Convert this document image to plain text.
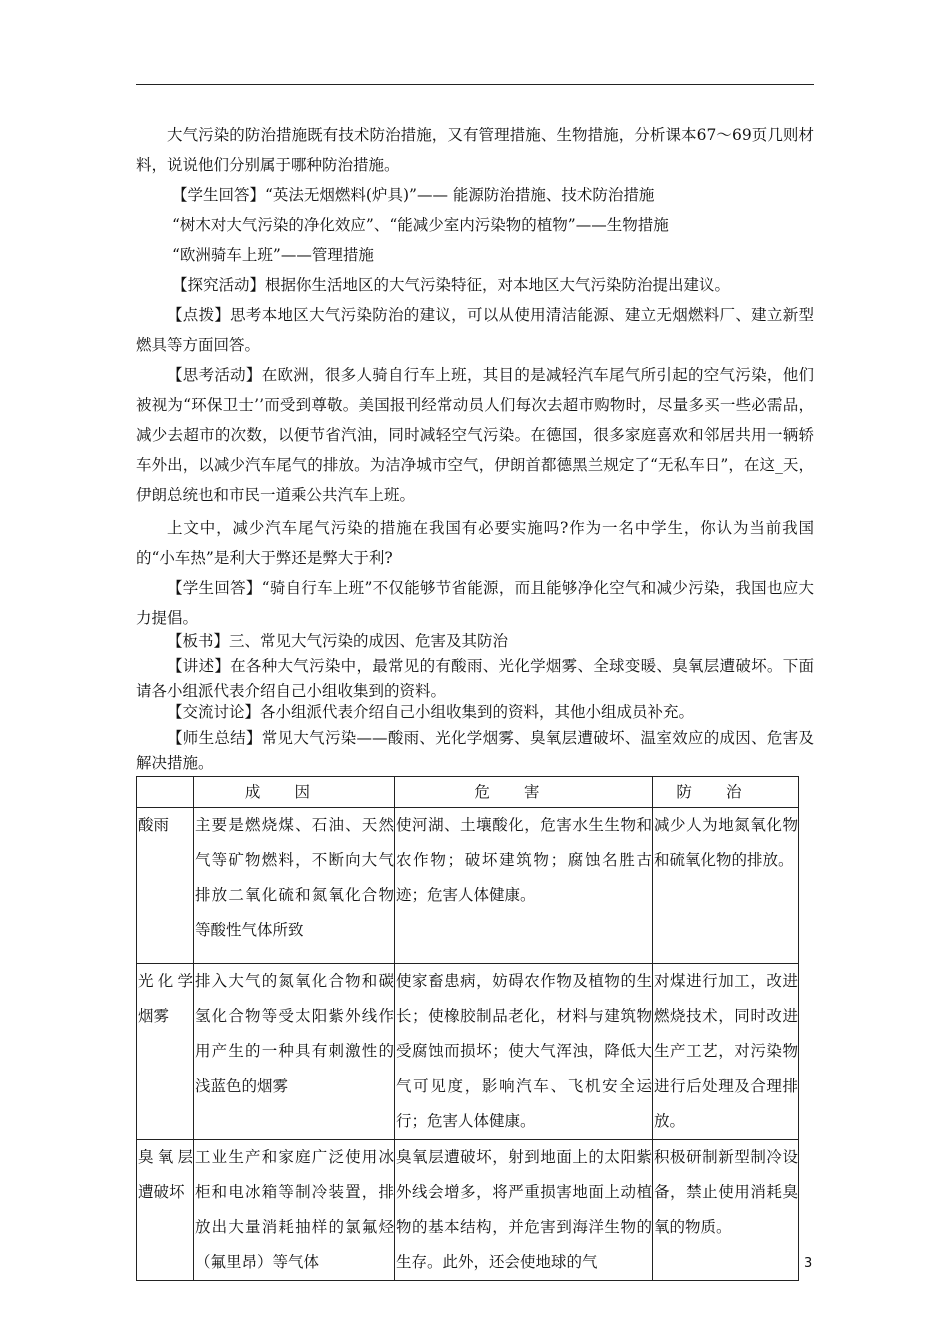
大气污染的防治措施既有技术防治措施，又有管理措施、生物措施，分析课本67～69页几则材料，说说他们分别属于哪种防治措施。

【学生回答】“英法无烟燃料(炉具)”—— 能源防治措施、技术防治措施

“树木对大气污染的净化效应”、“能减少室内污染物的植物”——生物措施

“欧洲骑车上班”——管理措施

【探究活动】根据你生活地区的大气污染特征，对本地区大气污染防治提出建议。

【点拨】思考本地区大气污染防治的建议，可以从使用清洁能源、建立无烟燃料厂、建立新型燃具等方面回答。

【思考活动】在欧洲，很多人骑自行车上班，其目的是减轻汽车尾气所引起的空气污染，他们被视为“环保卫士’’而受到尊敬。美国报刊经常动员人们每次去超市购物时，尽量多买一些必需品，减少去超市的次数，以便节省汽油，同时减轻空气污染。在德国，很多家庭喜欢和邻居共用一辆轿车外出，以减少汽车尾气的排放。为洁净城市空气，伊朗首都德黑兰规定了“无私车日”，在这_天，伊朗总统也和市民一道乘公共汽车上班。

上文中，减少汽车尾气污染的措施在我国有必要实施吗?作为一名中学生，你认为当前我国的“小车热”是利大于弊还是弊大于利?

【学生回答】“骑自行车上班”不仅能够节省能源，而且能够净化空气和减少污染，我国也应大力提倡。

【板书】三、常见大气污染的成因、危害及其防治

【讲述】在各种大气污染中，最常见的有酸雨、光化学烟雾、全球变暖、臭氧层遭破坏。下面请各小组派代表介绍自己小组收集到的资料。

【交流讨论】各小组派代表介绍自己小组收集到的资料，其他小组成员补充。

【师生总结】常见大气污染——酸雨、光化学烟雾、臭氧层遭破坏、温室效应的成因、危害及解决措施。

	成因	危害	防治
酸雨	主要是燃烧煤、石油、天然气等矿物燃料，不断向大气排放二氧化硫和氮氧化合物等酸性气体所致	使河湖、土壤酸化，危害水生生物和农作物；破坏建筑物；腐蚀名胜古迹；危害人体健康。	减少人为地氮氧化物和硫氧化物的排放。
光化学烟雾	排入大气的氮氧化合物和碳氢化合物等受太阳紫外线作用产生的一种具有刺激性的浅蓝色的烟雾	使家畜患病，妨碍农作物及植物的生长；使橡胶制品老化，材料与建筑物受腐蚀而损坏；使大气浑浊，降低大气可见度，影响汽车、飞机安全运行；危害人体健康。	对煤进行加工，改进燃烧技术，同时改进生产工艺，对污染物进行后处理及合理排放。
臭氧层遭破坏	工业生产和家庭广泛使用冰柜和电冰箱等制冷装置，排放出大量消耗抽样的氯氟烃（氟里昂）等气体	臭氧层遭破坏，射到地面上的太阳紫外线会增多，将严重损害地面上动植物的基本结构，并危害到海洋生物的生存。此外，还会使地球的气	积极研制新型制冷设备，禁止使用消耗臭氧的物质。
3
